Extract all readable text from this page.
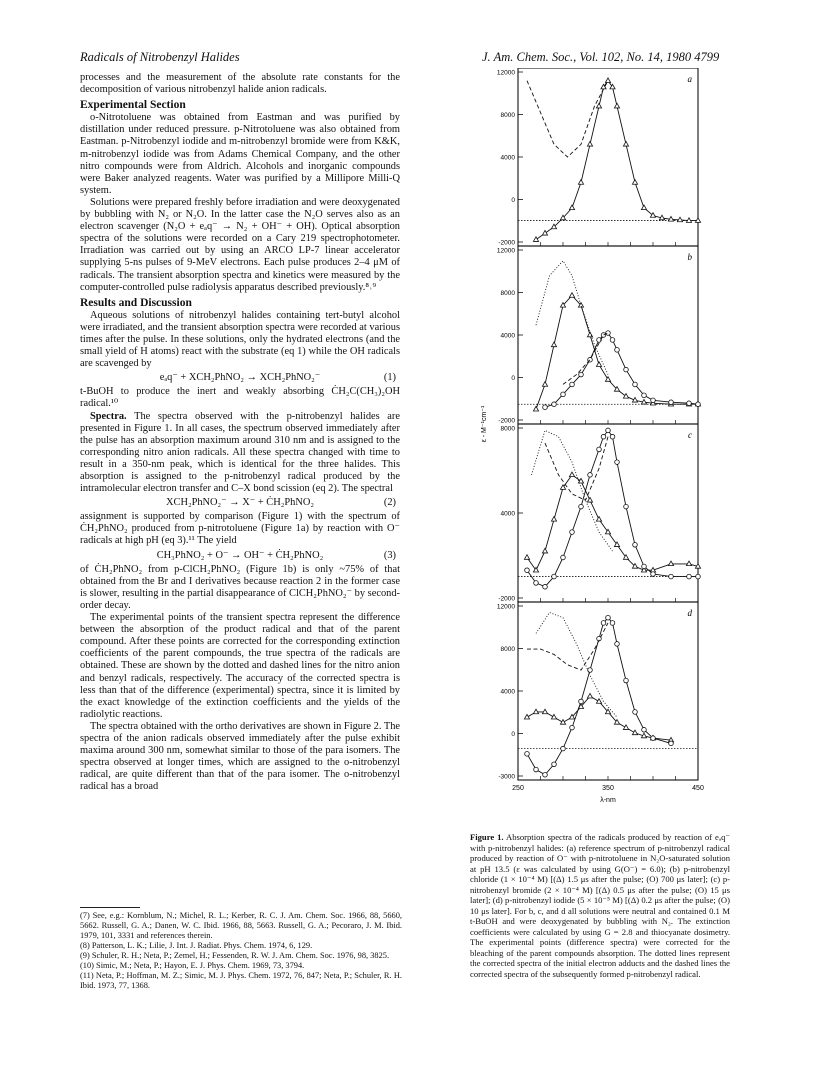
Radicals of Nitrobenzyl Halides	J. Am. Chem. Soc., Vol. 102, No. 14, 1980 4799

processes and the measurement of the absolute rate constants for the decomposition of various nitrobenzyl halide anion radicals.

Experimental Section

o-Nitrotoluene was obtained from Eastman and was purified by distillation under reduced pressure. p-Nitrotoluene was also obtained from Eastman. p-Nitrobenzyl iodide and m-nitrobenzyl bromide were from K&K, m-nitrobenzyl iodide was from Adams Chemical Company, and the other nitro compounds were from Aldrich. Alcohols and inorganic compounds were Baker analyzed reagents. Water was purified by a Millipore Milli-Q system.

Solutions were prepared freshly before irradiation and were deoxygenated by bubbling with N₂ or N₂O. In the latter case the N₂O serves also as an electron scavenger (N₂O + eₐq⁻ → N₂ + OH⁻ + OH). Optical absorption spectra of the solutions were recorded on a Cary 219 spectrophotometer. Irradiation was carried out by using an ARCO LP-7 linear accelerator supplying 5-ns pulses of 9-MeV electrons. Each pulse produces 2–4 μM of radicals. The transient absorption spectra and kinetics were measured by the computer-controlled pulse radiolysis apparatus described previously.⁸˒⁹

Results and Discussion

Aqueous solutions of nitrobenzyl halides containing tert-butyl alcohol were irradiated, and the transient absorption spectra were recorded at various times after the pulse. In these solutions, only the hydrated electrons (and the small yield of H atoms) react with the substrate (eq 1) while the OH radicals are scavenged by

eₐq⁻ + XCH₂PhNO₂ → XCH₂PhNO₂⁻	(1)

t-BuOH to produce the inert and weakly absorbing ĊH₂C(CH₃)₂OH radical.¹⁰

Spectra. The spectra observed with the p-nitrobenzyl halides are presented in Figure 1. In all cases, the spectrum observed immediately after the pulse has an absorption maximum around 310 nm and is assigned to the corresponding nitro anion radicals. All these spectra changed with time to result in a 350-nm peak, which is identical for the three halides. This absorption is assigned to the p-nitrobenzyl radical produced by the intramolecular electron transfer and C–X bond scission (eq 2). The spectral

XCH₂PhNO₂⁻ → X⁻ + ĊH₂PhNO₂	(2)

assignment is supported by comparison (Figure 1) with the spectrum of ĊH₂PhNO₂ produced from p-nitrotoluene (Figure 1a) by reaction with O⁻ radicals at high pH (eq 3).¹¹ The yield

CH₃PhNO₂ + O⁻ → OH⁻ + ĊH₂PhNO₂	(3)

of ĊH₂PhNO₂ from p-ClCH₂PhNO₂ (Figure 1b) is only ~75% of that obtained from the Br and I derivatives because reaction 2 in the former case is slower, resulting in the partial disappearance of ClCH₂PhNO₂⁻ by second-order decay.

The experimental points of the transient spectra represent the difference between the absorption of the product radical and that of the parent compound. After these points are corrected for the corresponding extinction coefficients of the parent compounds, the true spectra of the radicals are obtained. These are shown by the dotted and dashed lines for the nitro anion and benzyl radicals, respectively. The accuracy of the corrected spectra is less than that of the difference (experimental) spectra, since it is limited by the exact knowledge of the extinction coefficients and the yields of the radiolytic reactions.

The spectra obtained with the ortho derivatives are shown in Figure 2. The spectra of the anion radicals observed immediately after the pulse exhibit maxima around 300 nm, somewhat similar to those of the para isomers. The spectra observed at longer times, which are assigned to the o-nitrobenzyl radical, are quite different than that of the para isomer. The o-nitrobenzyl radical has a broad

(7) See, e.g.: Kornblum, N.; Michel, R. L.; Kerber, R. C. J. Am. Chem. Soc. 1966, 88, 5660, 5662. Russell, G. A.; Danen, W. C. Ibid. 1966, 88, 5663. Russell, G. A.; Pecoraro, J. M. Ibid. 1979, 101, 3331 and references therein.

(8) Patterson, L. K.; Lilie, J. Int. J. Radiat. Phys. Chem. 1974, 6, 129.

(9) Schuler, R. H.; Neta, P.; Zemel, H.; Fessenden, R. W. J. Am. Chem. Soc. 1976, 98, 3825.

(10) Simic, M.; Neta, P.; Hayon, E. J. Phys. Chem. 1969, 73, 3794.

(11) Neta, P.; Hoffman, M. Z.; Simic, M. J. Phys. Chem. 1972, 76, 847; Neta, P.; Schuler, R. H. Ibid. 1973, 77, 1368.

a
12000
8000
4000
0
-2000
b
12000
8000
4000
0
-2000
c
8000
4000
-2000
d
12000
8000
4000
0
-3000
250	350	450
λ-nm
ε - M⁻¹cm⁻¹

Figure 1. Absorption spectra of the radicals produced by reaction of eₐq⁻ with p-nitrobenzyl halides: (a) reference spectrum of p-nitrobenzyl radical produced by reaction of O⁻ with p-nitrotoluene in N₂O-saturated solution at pH 13.5 (ε was calculated by using G(O⁻) = 6.0); (b) p-nitrobenzyl chloride (1 × 10⁻⁴ M) [(Δ) 1.5 μs after the pulse; (O) 700 μs later]; (c) p-nitrobenzyl bromide (2 × 10⁻⁴ M) [(Δ) 0.5 μs after the pulse; (O) 15 μs later]; (d) p-nitrobenzyl iodide (5 × 10⁻⁵ M) [(Δ) 0.2 μs after the pulse; (O) 10 μs later]. For b, c, and d all solutions were neutral and contained 0.1 M t-BuOH and were deoxygenated by bubbling with N₂. The extinction coefficients were calculated by using G = 2.8 and thiocyanate dosimetry. The experimental points (difference spectra) were corrected for the bleaching of the parent compounds absorption. The dotted lines represent the corrected spectra of the initial electron adducts and the dashed lines the corrected spectra of the subsequently formed p-nitrobenzyl radical.
